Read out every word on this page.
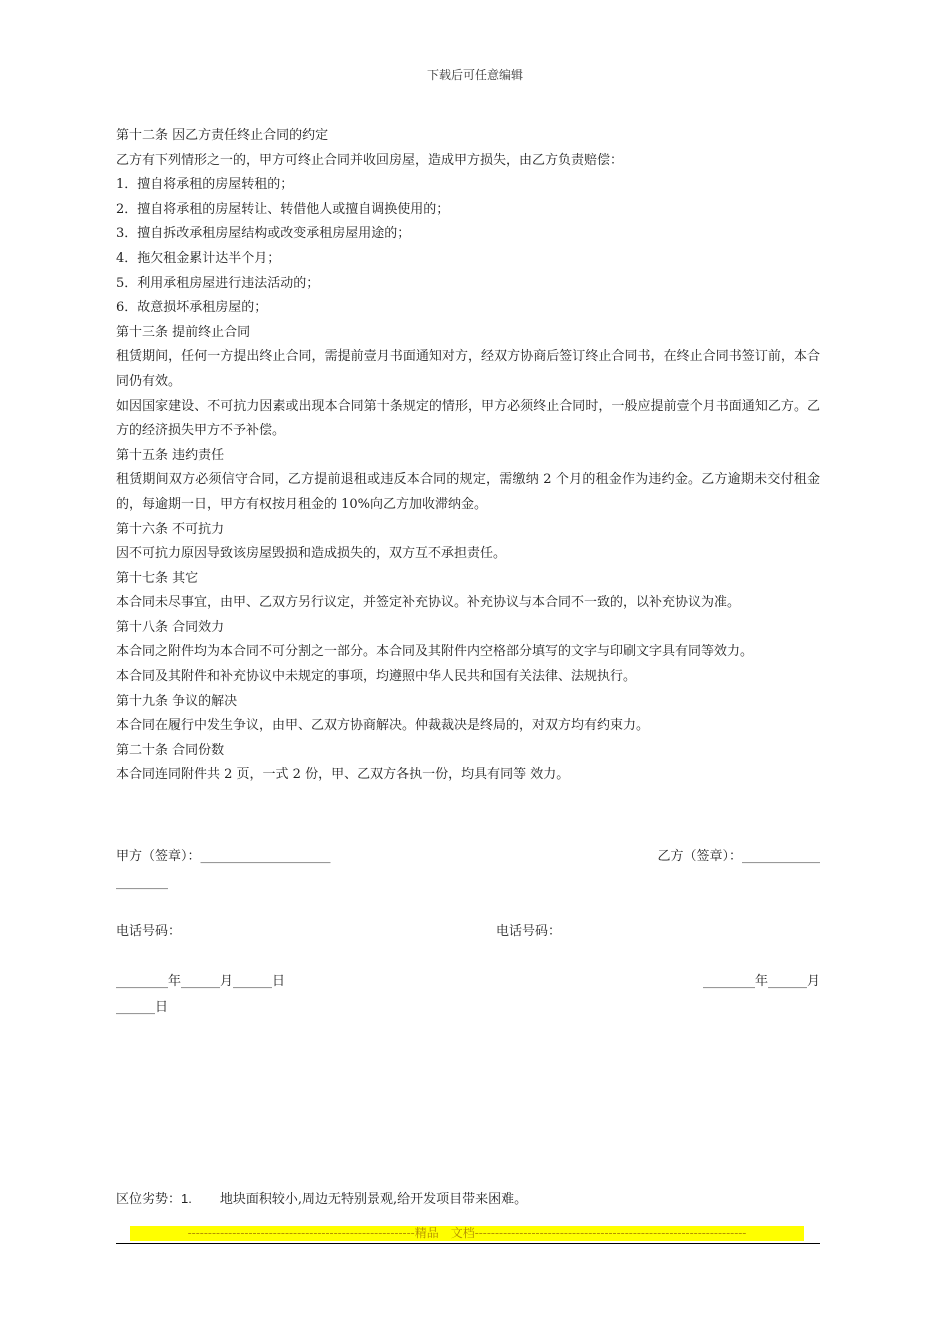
下载后可任意编辑
第十二条 因乙方责任终止合同的约定
乙方有下列情形之一的，甲方可终止合同并收回房屋，造成甲方损失，由乙方负责赔偿：
1．擅自将承租的房屋转租的；
2．擅自将承租的房屋转让、转借他人或擅自调换使用的；
3．擅自拆改承租房屋结构或改变承租房屋用途的；
4．拖欠租金累计达半个月；
5．利用承租房屋进行违法活动的；
6．故意损坏承租房屋的；
第十三条 提前终止合同
租赁期间，任何一方提出终止合同，需提前壹月书面通知对方，经双方协商后签订终止合同书，在终止合同书签订前，本合同仍有效。
如因国家建设、不可抗力因素或出现本合同第十条规定的情形，甲方必须终止合同时，一般应提前壹个月书面通知乙方。乙方的经济损失甲方不予补偿。
第十五条 违约责任
租赁期间双方必须信守合同，乙方提前退租或违反本合同的规定，需缴纳 2 个月的租金作为违约金。乙方逾期未交付租金的，每逾期一日，甲方有权按月租金的 10%向乙方加收滞纳金。
第十六条 不可抗力
因不可抗力原因导致该房屋毁损和造成损失的，双方互不承担责任。
第十七条 其它
本合同未尽事宜，由甲、乙双方另行议定，并签定补充协议。补充协议与本合同不一致的，以补充协议为准。
第十八条 合同效力
本合同之附件均为本合同不可分割之一部分。本合同及其附件内空格部分填写的文字与印刷文字具有同等效力。
本合同及其附件和补充协议中未规定的事项，均遵照中华人民共和国有关法律、法规执行。
第十九条 争议的解决
本合同在履行中发生争议，由甲、乙双方协商解决。仲裁裁决是终局的，对双方均有约束力。
第二十条 合同份数
本合同连同附件共 2 页，一式 2 份，甲、乙双方各执一份，均具有同等 效力。
甲方（签章）：____________________	乙方（签章）：____________
________
电话号码：	电话号码：
________年______月______日	________年______月
______日
区位劣势：1. 地块面积较小,周边无特别景观,给开发项目带来困难。
--------------------------------------------------------精品　文档-------------------------------------------------------------------
